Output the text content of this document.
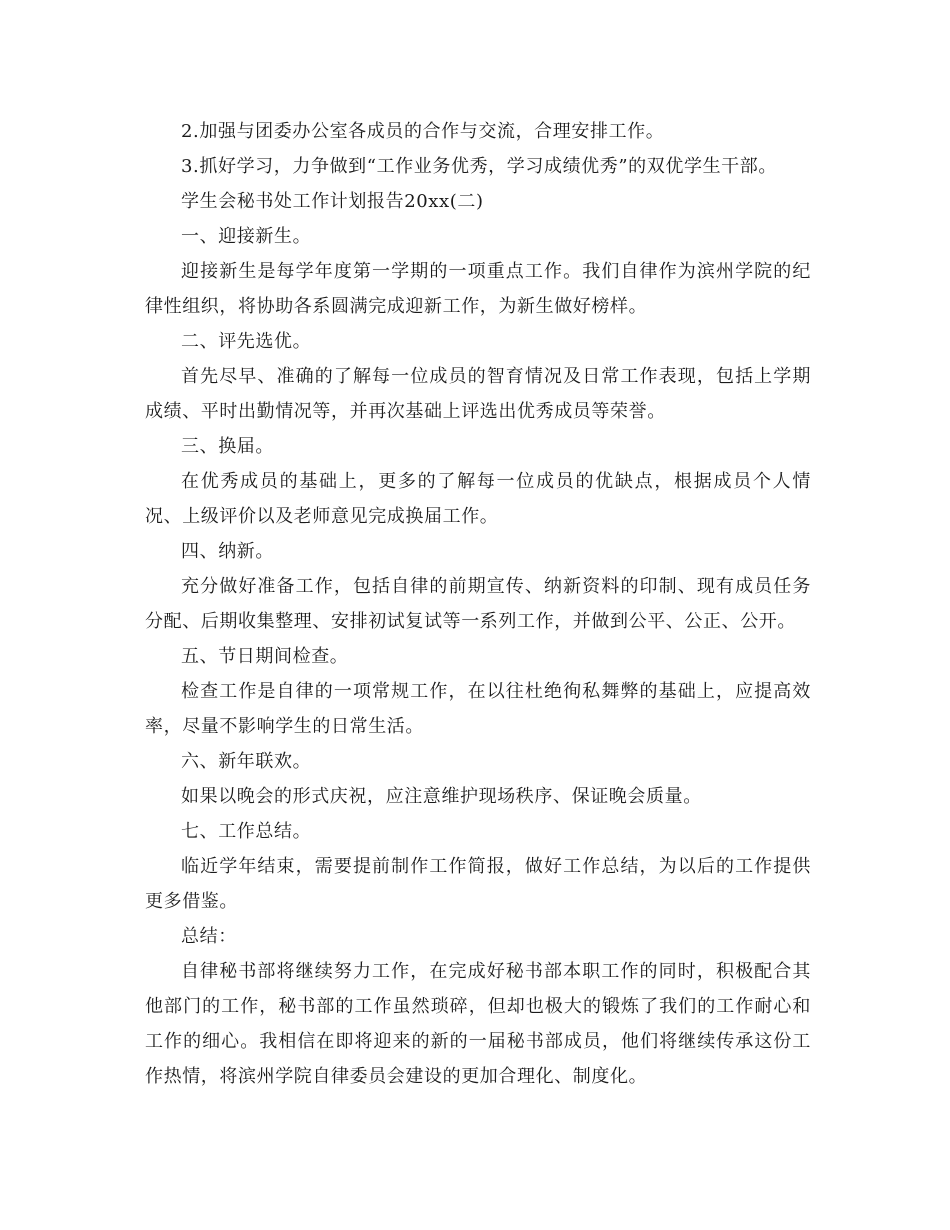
2.加强与团委办公室各成员的合作与交流，合理安排工作。

3.抓好学习，力争做到“工作业务优秀，学习成绩优秀”的双优学生干部。

学生会秘书处工作计划报告20xx(二)

一、迎接新生。

迎接新生是每学年度第一学期的一项重点工作。我们自律作为滨州学院的纪律性组织，将协助各系圆满完成迎新工作，为新生做好榜样。

二、评先选优。

首先尽早、准确的了解每一位成员的智育情况及日常工作表现，包括上学期成绩、平时出勤情况等，并再次基础上评选出优秀成员等荣誉。

三、换届。

在优秀成员的基础上，更多的了解每一位成员的优缺点，根据成员个人情况、上级评价以及老师意见完成换届工作。

四、纳新。

充分做好准备工作，包括自律的前期宣传、纳新资料的印制、现有成员任务分配、后期收集整理、安排初试复试等一系列工作，并做到公平、公正、公开。

五、节日期间检查。

检查工作是自律的一项常规工作，在以往杜绝徇私舞弊的基础上，应提高效率，尽量不影响学生的日常生活。

六、新年联欢。

如果以晚会的形式庆祝，应注意维护现场秩序、保证晚会质量。

七、工作总结。

临近学年结束，需要提前制作工作简报，做好工作总结，为以后的工作提供更多借鉴。

总结：

自律秘书部将继续努力工作，在完成好秘书部本职工作的同时，积极配合其他部门的工作，秘书部的工作虽然琐碎，但却也极大的锻炼了我们的工作耐心和工作的细心。我相信在即将迎来的新的一届秘书部成员，他们将继续传承这份工作热情，将滨州学院自律委员会建设的更加合理化、制度化。
